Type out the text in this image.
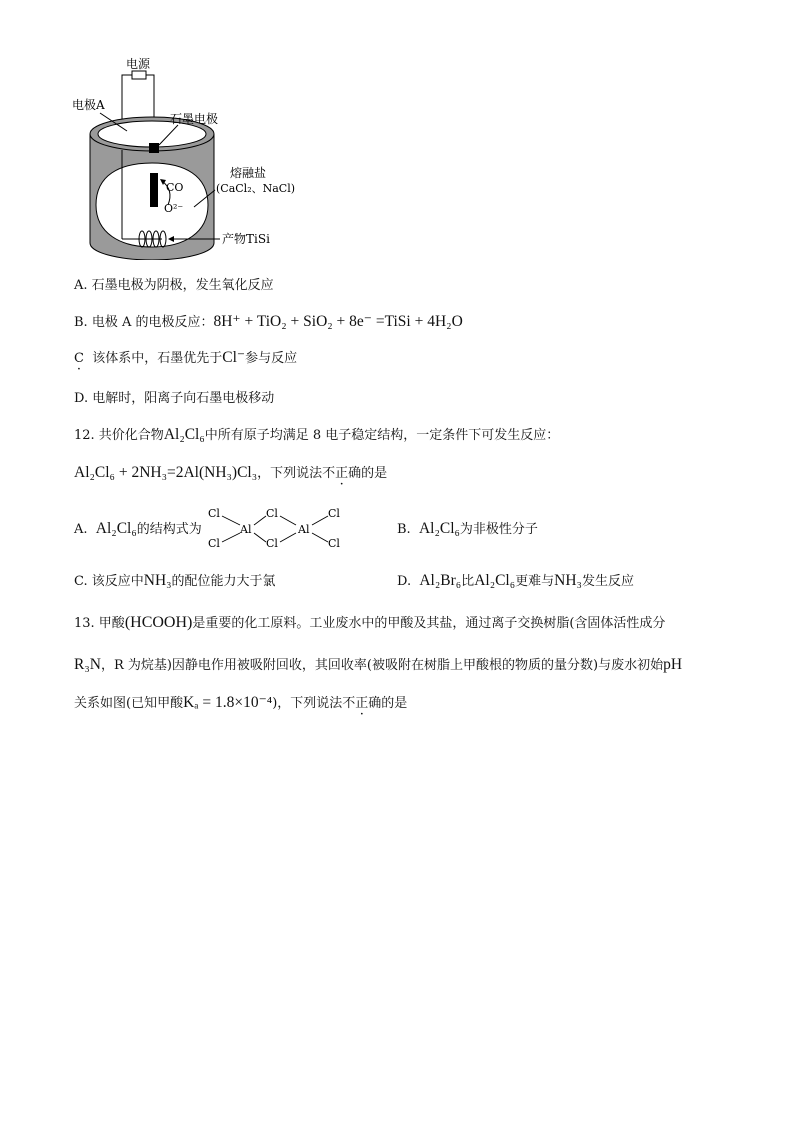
电源
电极A
石墨电极
熔融盐
(CaCl₂、NaCl)
CO
O²⁻
产物TiSi
A. 石墨电极为阴极，发生氧化反应
B. 电极 A 的电极反应：8H⁺ + TiO₂ + SiO₂ + 8e⁻ =TiSi + 4H₂O
C · 该体系中，石墨优先于Cl⁻参与反应
D. 电解时，阳离子向石墨电极移动
12. 共价化合物Al₂Cl₆中所有原子均满足 8 电子稳定结构，一定条件下可发生反应：
Al₂Cl₆ + 2NH₃=2Al(NH₃)Cl₃，下列说法不正确的是
A. Al₂Cl₆的结构式为
Cl
Cl
Al
Cl
Cl
Al
Cl
Cl
B. Al₂Cl₆为非极性分子
C. 该反应中NH₃的配位能力大于氯	D. Al₂Br₆比Al₂Cl₆更难与NH₃发生反应
13. 甲酸(HCOOH)是重要的化工原料。工业废水中的甲酸及其盐，通过离子交换树脂(含固体活性成分
R₃N，R 为烷基)因静电作用被吸附回收，其回收率(被吸附在树脂上甲酸根的物质的量分数)与废水初始pH
关系如图(已知甲酸Kₐ = 1.8×10⁻⁴)，下列说法不正确的是
